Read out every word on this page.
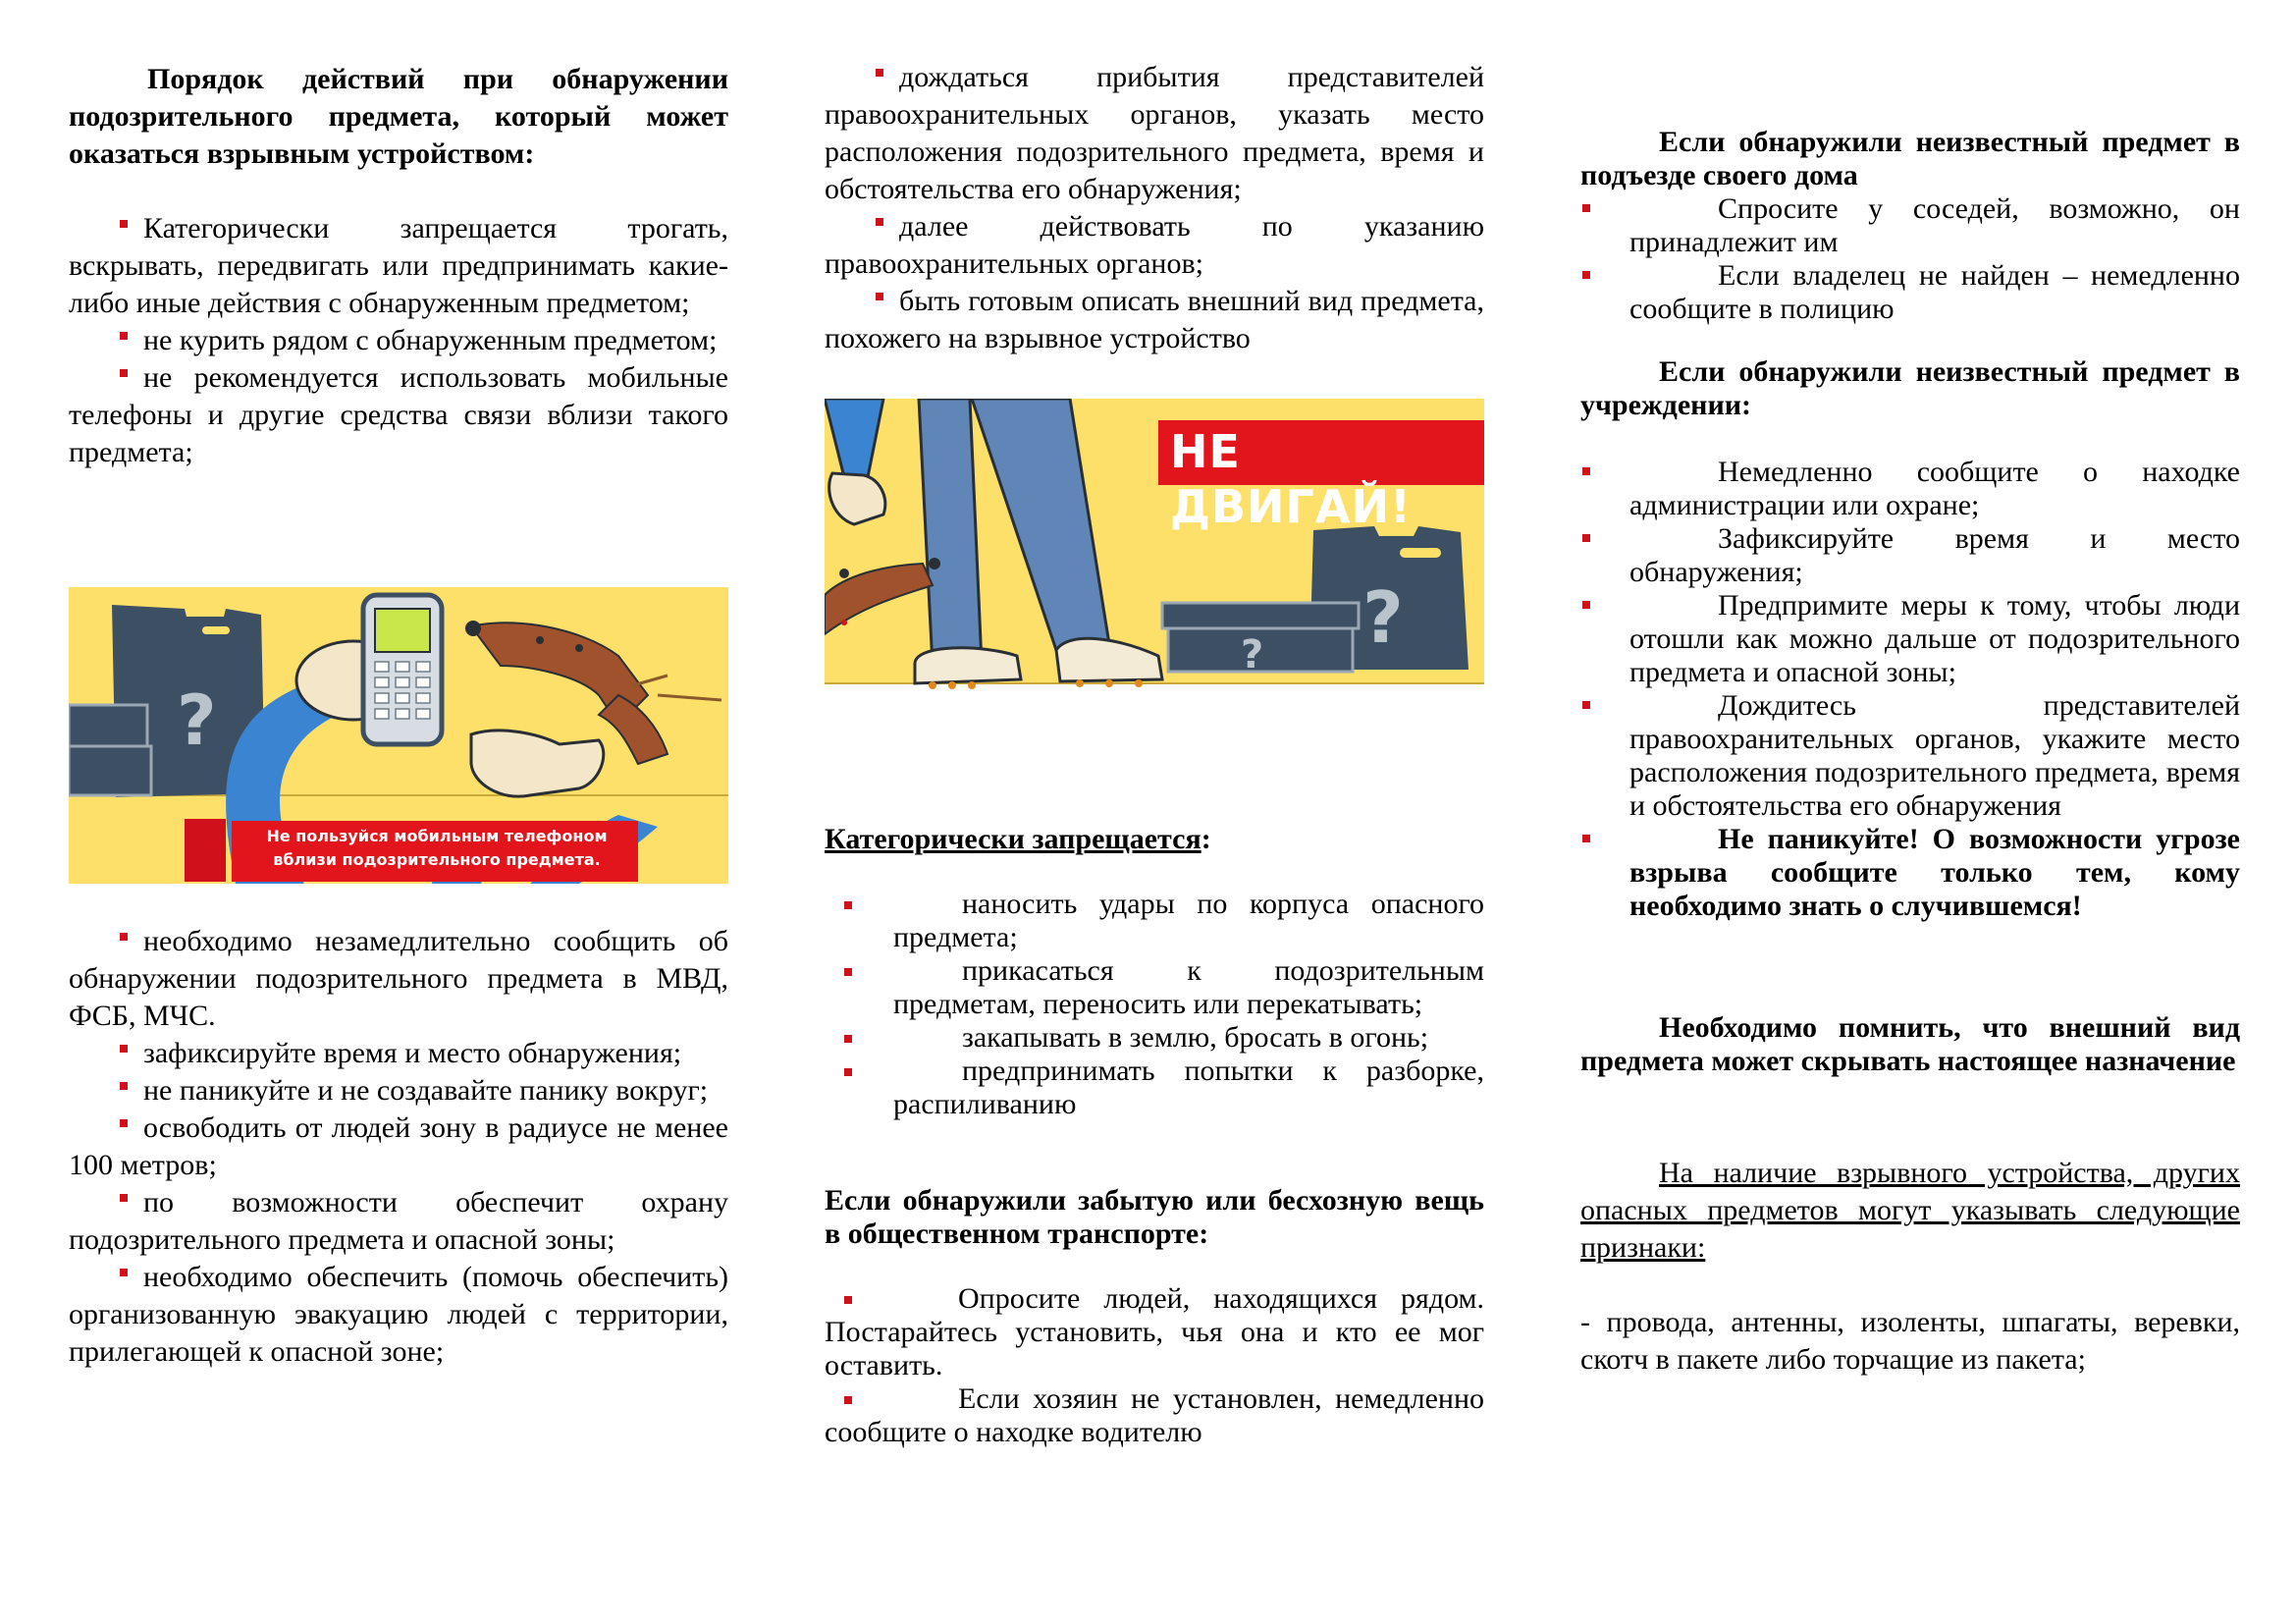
Порядок действий при обнаружении подозрительного предмета, который может оказаться взрывным устройством:

Категорически запрещается трогать, вскрывать, передвигать или предпринимать какие-либо иные действия с обнаруженным предметом;

не курить рядом с обнаруженным предметом;

не рекомендуется использовать мобильные телефоны и другие средства связи вблизи такого предмета;

?
Не пользуйся мобильным телефоном вблизи подозрительного предмета.

необходимо незамедлительно сообщить об обнаружении подозрительного предмета в МВД, ФСБ, МЧС.

зафиксируйте время и место обнаружения;

не паникуйте и не создавайте панику вокруг;

освободить от людей зону в радиусе не менее 100 метров;

по возможности обеспечит охрану подозрительного предмета и опасной зоны;

необходимо обеспечить (помочь обеспечить) организованную эвакуацию людей с территории, прилегающей к опасной зоне;

дождаться прибытия представителей правоохранительных органов, указать место расположения подозрительного предмета, время и обстоятельства его обнаружения;

далее действовать по указанию правоохранительных органов;

быть готовым описать внешний вид предмета, похожего на взрывное устройство

?
?
НЕ ДВИГАЙ!

Категорически запрещается:

наносить удары по корпуса опасного предмета;

прикасаться к подозрительным предметам, переносить или перекатывать;

закапывать в землю, бросать в огонь;

предпринимать попытки к разборке, распиливанию

Если обнаружили забытую или бесхозную вещь в общественном транспорте:

Опросите людей, находящихся рядом. Постарайтесь установить, чья она и кто ее мог оставить.

Если хозяин не установлен, немедленно сообщите о находке водителю

Если обнаружили неизвестный предмет в подъезде своего дома

Спросите у соседей, возможно, он принадлежит им

Если владелец не найден – немедленно сообщите в полицию

Если обнаружили неизвестный предмет в учреждении:

Немедленно сообщите о находке администрации или охране;

Зафиксируйте время и место обнаружения;

Предпримите меры к тому, чтобы люди отошли как можно дальше от подозрительного предмета и опасной зоны;

Дождитесь представителей правоохранительных органов, укажите место расположения подозрительного предмета, время и обстоятельства его обнаружения

Не паникуйте! О возможности угрозе взрыва сообщите только тем, кому необходимо знать о случившемся!

Необходимо помнить, что внешний вид предмета может скрывать настоящее назначение

На наличие взрывного устройства, других опасных предметов могут указывать следующие признаки:

- провода, антенны, изоленты, шпагаты, веревки, скотч в пакете либо торчащие из пакета;
